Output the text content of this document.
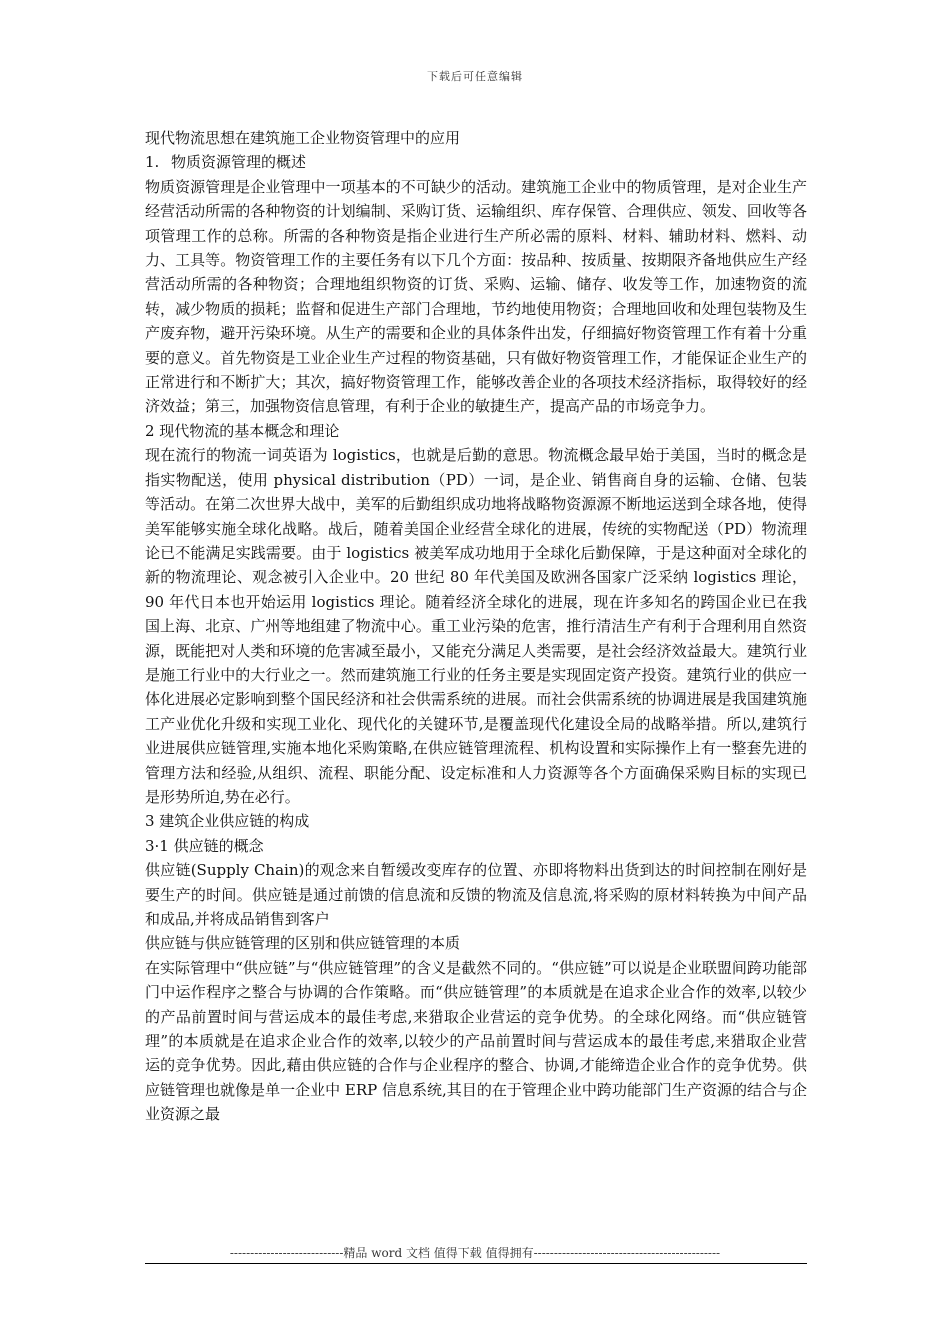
下载后可任意编辑

现代物流思想在建筑施工企业物资管理中的应用

1. 物质资源管理的概述

物质资源管理是企业管理中一项基本的不可缺少的活动。建筑施工企业中的物质管理，是对企业生产经营活动所需的各种物资的计划编制、采购订货、运输组织、库存保管、合理供应、领发、回收等各项管理工作的总称。所需的各种物资是指企业进行生产所必需的原料、材料、辅助材料、燃料、动力、工具等。物资管理工作的主要任务有以下几个方面：按品种、按质量、按期限齐备地供应生产经营活动所需的各种物资；合理地组织物资的订货、采购、运输、储存、收发等工作，加速物资的流转，减少物质的损耗；监督和促进生产部门合理地，节约地使用物资；合理地回收和处理包装物及生产废弃物，避开污染环境。从生产的需要和企业的具体条件出发，仔细搞好物资管理工作有着十分重要的意义。首先物资是工业企业生产过程的物资基础，只有做好物资管理工作，才能保证企业生产的正常进行和不断扩大；其次，搞好物资管理工作，能够改善企业的各项技术经济指标，取得较好的经济效益；第三，加强物资信息管理，有利于企业的敏捷生产，提高产品的市场竞争力。

2 现代物流的基本概念和理论

现在流行的物流一词英语为 logistics，也就是后勤的意思。物流概念最早始于美国，当时的概念是指实物配送，使用 physical distribution（PD）一词，是企业、销售商自身的运输、仓储、包装等活动。在第二次世界大战中，美军的后勤组织成功地将战略物资源源不断地运送到全球各地，使得美军能够实施全球化战略。战后，随着美国企业经营全球化的进展，传统的实物配送（PD）物流理论已不能满足实践需要。由于 logistics 被美军成功地用于全球化后勤保障，于是这种面对全球化的新的物流理论、观念被引入企业中。20 世纪 80 年代美国及欧洲各国家广泛采纳 logistics 理论，90 年代日本也开始运用 logistics 理论。随着经济全球化的进展，现在许多知名的跨国企业已在我国上海、北京、广州等地组建了物流中心。重工业污染的危害，推行清洁生产有利于合理利用自然资源，既能把对人类和环境的危害减至最小，又能充分满足人类需要，是社会经济效益最大。建筑行业是施工行业中的大行业之一。然而建筑施工行业的任务主要是实现固定资产投资。建筑行业的供应一体化进展必定影响到整个国民经济和社会供需系统的进展。而社会供需系统的协调进展是我国建筑施工产业优化升级和实现工业化、现代化的关键环节,是覆盖现代化建设全局的战略举措。所以,建筑行业进展供应链管理,实施本地化采购策略,在供应链管理流程、机构设置和实际操作上有一整套先进的管理方法和经验,从组织、流程、职能分配、设定标准和人力资源等各个方面确保采购目标的实现已是形势所迫,势在必行。

3 建筑企业供应链的构成

3·1 供应链的概念

供应链(Supply Chain)的观念来自暂缓改变库存的位置、亦即将物料出货到达的时间控制在刚好是要生产的时间。供应链是通过前馈的信息流和反馈的物流及信息流,将采购的原材料转换为中间产品和成品,并将成品销售到客户

供应链与供应链管理的区别和供应链管理的本质

在实际管理中“供应链”与“供应链管理”的含义是截然不同的。“供应链”可以说是企业联盟间跨功能部门中运作程序之整合与协调的合作策略。而“供应链管理”的本质就是在追求企业合作的效率,以较少的产品前置时间与营运成本的最佳考虑,来猎取企业营运的竞争优势。的全球化网络。而“供应链管理”的本质就是在追求企业合作的效率,以较少的产品前置时间与营运成本的最佳考虑,来猎取企业营运的竞争优势。因此,藉由供应链的合作与企业程序的整合、协调,才能缔造企业合作的竞争优势。供应链管理也就像是单一企业中 ERP 信息系统,其目的在于管理企业中跨功能部门生产资源的结合与企业资源之最

----------------------------精品 word 文档 值得下载 值得拥有----------------------------------------------
